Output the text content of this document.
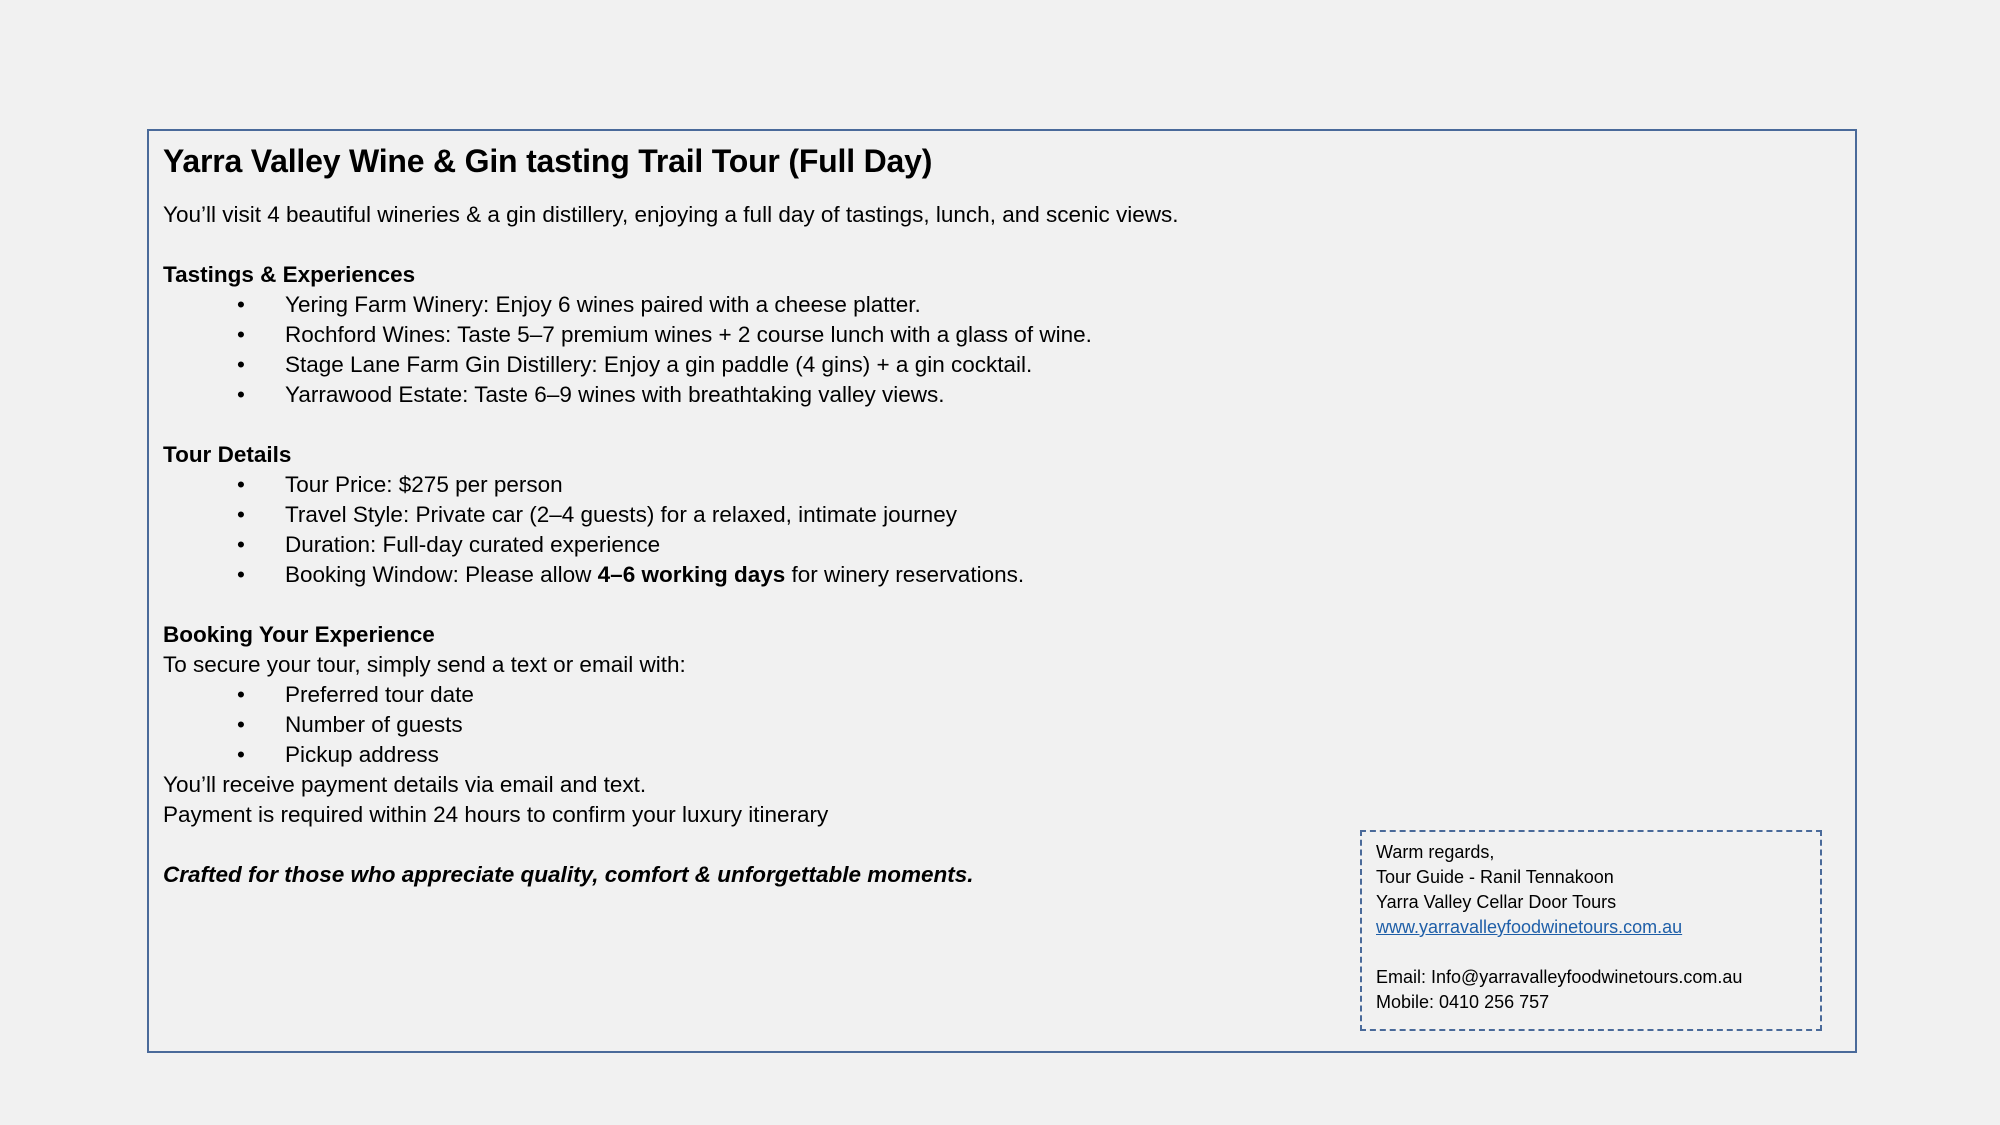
Yarra Valley Wine & Gin tasting Trail Tour (Full Day)
You’ll visit 4 beautiful wineries & a gin distillery, enjoying a full day of tastings, lunch, and scenic views.
Tastings & Experiences
• Yering Farm Winery: Enjoy 6 wines paired with a cheese platter.
• Rochford Wines: Taste 5–7 premium wines + 2 course lunch with a glass of wine.
• Stage Lane Farm Gin Distillery: Enjoy a gin paddle (4 gins) + a gin cocktail.
• Yarrawood Estate: Taste 6–9 wines with breathtaking valley views.
Tour Details
• Tour Price: $275 per person
• Travel Style: Private car (2–4 guests) for a relaxed, intimate journey
• Duration: Full-day curated experience
• Booking Window: Please allow 4–6 working days for winery reservations.
Booking Your Experience
To secure your tour, simply send a text or email with:
• Preferred tour date
• Number of guests
• Pickup address
You’ll receive payment details via email and text.
Payment is required within 24 hours to confirm your luxury itinerary
Crafted for those who appreciate quality, comfort & unforgettable moments.
Warm regards,
Tour Guide - Ranil Tennakoon
Yarra Valley Cellar Door Tours
www.yarravalleyfoodwinetours.com.au
Email: Info@yarravalleyfoodwinetours.com.au
Mobile: 0410 256 757
